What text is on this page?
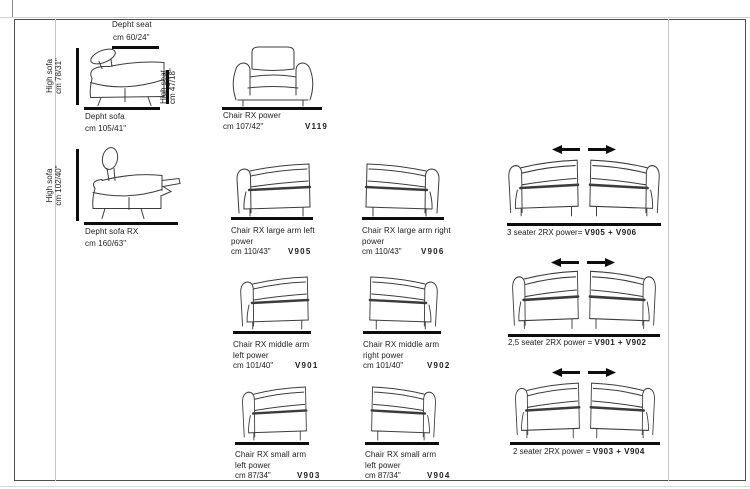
Depht seat
cm 60/24"
High sofa cm 78/31"	High seat cm 47/18"
Depht sofa
cm 105/41"
High sofa cm 102/40"
Depht sofa RX
cm 160/63"
Chair RX power
cm 107/42"	V119
Chair RX large arm left
power
cm 110/43" V905
Chair RX large arm right
power
cm 110/43" V906
3 seater 2RX power= V905 + V906
Chair RX middle arm
left power
cm 101/40"	V901
Chair RX middle arm
right power
cm 101/40"	V902
2,5 seater 2RX power = V901 + V902
Chair RX small arm
left power
cm 87/34"	V903
Chair RX small arm
left power
cm 87/34"	V904
2 seater 2RX power = V903 + V904
